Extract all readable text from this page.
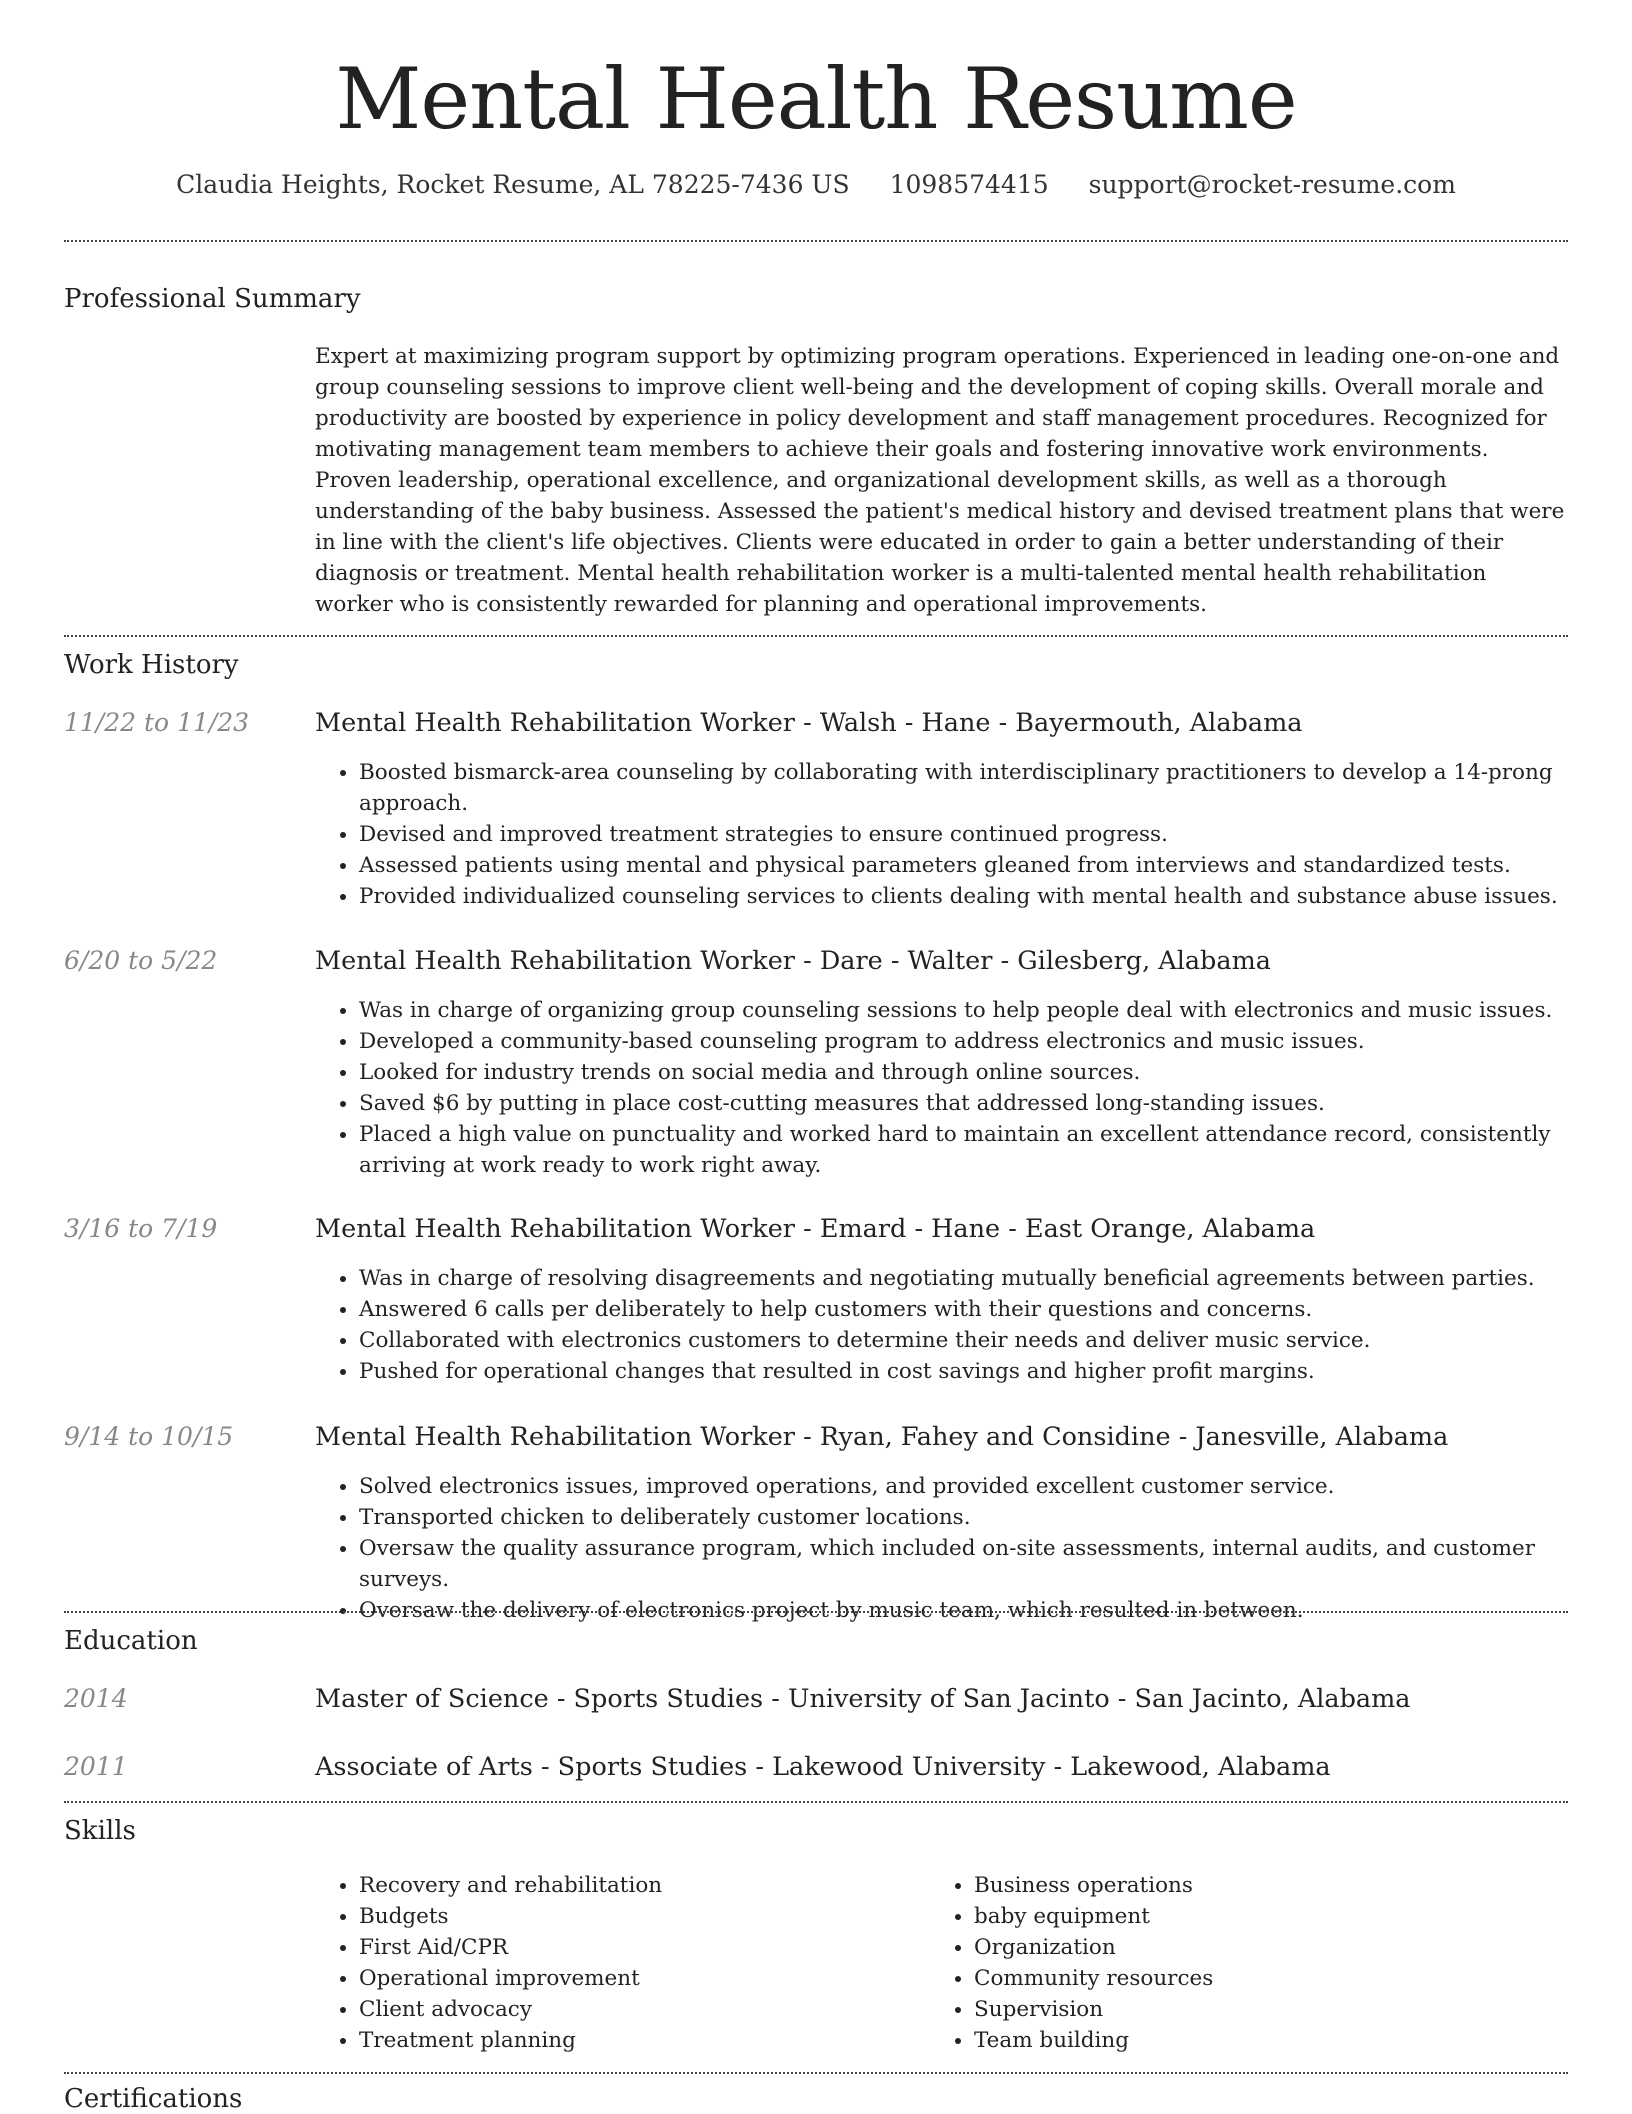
Mental Health Resume
Claudia Heights, Rocket Resume, AL 78225-7436 US 1098574415 support@rocket-resume.com
Professional Summary
Expert at maximizing program support by optimizing program operations. Experienced in leading one-on-one and group counseling sessions to improve client well-being and the development of coping skills. Overall morale and productivity are boosted by experience in policy development and staff management procedures. Recognized for motivating management team members to achieve their goals and fostering innovative work environments. Proven leadership, operational excellence, and organizational development skills, as well as a thorough understanding of the baby business. Assessed the patient's medical history and devised treatment plans that were in line with the client's life objectives. Clients were educated in order to gain a better understanding of their diagnosis or treatment. Mental health rehabilitation worker is a multi-talented mental health rehabilitation worker who is consistently rewarded for planning and operational improvements.
Work History
11/22 to 11/23	Mental Health Rehabilitation Worker - Walsh - Hane - Bayermouth, Alabama
• Boosted bismarck-area counseling by collaborating with interdisciplinary practitioners to develop a 14-prong approach.
• Devised and improved treatment strategies to ensure continued progress.
• Assessed patients using mental and physical parameters gleaned from interviews and standardized tests.
• Provided individualized counseling services to clients dealing with mental health and substance abuse issues.
6/20 to 5/22	Mental Health Rehabilitation Worker - Dare - Walter - Gilesberg, Alabama
• Was in charge of organizing group counseling sessions to help people deal with electronics and music issues.
• Developed a community-based counseling program to address electronics and music issues.
• Looked for industry trends on social media and through online sources.
• Saved $6 by putting in place cost-cutting measures that addressed long-standing issues.
• Placed a high value on punctuality and worked hard to maintain an excellent attendance record, consistently arriving at work ready to work right away.
3/16 to 7/19	Mental Health Rehabilitation Worker - Emard - Hane - East Orange, Alabama
• Was in charge of resolving disagreements and negotiating mutually beneficial agreements between parties.
• Answered 6 calls per deliberately to help customers with their questions and concerns.
• Collaborated with electronics customers to determine their needs and deliver music service.
• Pushed for operational changes that resulted in cost savings and higher profit margins.
9/14 to 10/15	Mental Health Rehabilitation Worker - Ryan, Fahey and Considine - Janesville, Alabama
• Solved electronics issues, improved operations, and provided excellent customer service.
• Transported chicken to deliberately customer locations.
• Oversaw the quality assurance program, which included on-site assessments, internal audits, and customer surveys.
• Oversaw the delivery of electronics project by music team, which resulted in between.
Education
2014	Master of Science - Sports Studies - University of San Jacinto - San Jacinto, Alabama
2011	Associate of Arts - Sports Studies - Lakewood University - Lakewood, Alabama
Skills
• Recovery and rehabilitation
• Budgets
• First Aid/CPR
• Operational improvement
• Client advocacy
• Treatment planning
• Business operations
• baby equipment
• Organization
• Community resources
• Supervision
• Team building
Certifications
